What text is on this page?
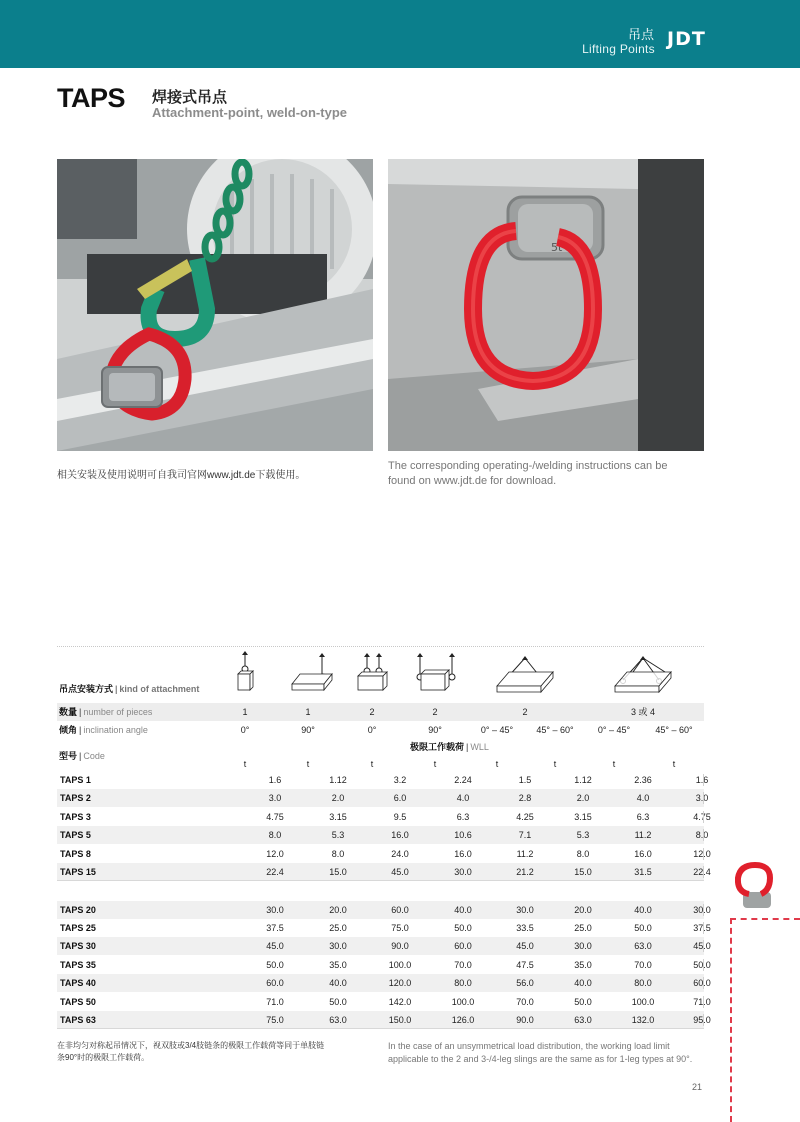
吊点
Lifting Points JDT
TAPS 焊接式吊点
Attachment-point, weld-on-type
5t
相关安装及使用说明可自我司官网www.jdt.de下载使用。
The corresponding operating-/welding instructions can be found on www.jdt.de for download.
吊点安装方式 | kind of attachment
数量 | number of pieces	1	1	2	2	2	3 或 4
倾角 | inclination angle	0°	90°	0°	90°	0° – 45°	45° – 60°	0° – 45°	45° – 60°
极限工作载荷 | WLL
型号 | Code
t	t	t	t	t	t	t	t
TAPS 1	1.6	1.12	3.2	2.24	1.5	1.12	2.36	1.6
TAPS 2	3.0	2.0	6.0	4.0	2.8	2.0	4.0	3.0
TAPS 3	4.75	3.15	9.5	6.3	4.25	3.15	6.3	4.75
TAPS 5	8.0	5.3	16.0	10.6	7.1	5.3	11.2	8.0
TAPS 8	12.0	8.0	24.0	16.0	11.2	8.0	16.0	12.0
TAPS 15	22.4	15.0	45.0	30.0	21.2	15.0	31.5	22.4
TAPS 20	30.0	20.0	60.0	40.0	30.0	20.0	40.0	30.0
TAPS 25	37.5	25.0	75.0	50.0	33.5	25.0	50.0	37.5
TAPS 30	45.0	30.0	90.0	60.0	45.0	30.0	63.0	45.0
TAPS 35	50.0	35.0	100.0	70.0	47.5	35.0	70.0	50.0
TAPS 40	60.0	40.0	120.0	80.0	56.0	40.0	80.0	60.0
TAPS 50	71.0	50.0	142.0	100.0	70.0	50.0	100.0	71.0
TAPS 63	75.0	63.0	150.0	126.0	90.0	63.0	132.0	95.0
在非均匀对称起吊情况下，视双肢或3/4肢链条的极限工作载荷等同于单肢链条90°时的极限工作载荷。
In the case of an unsymmetrical load distribution, the working load limit applicable to the 2 and 3-/4-leg slings are the same as for 1-leg types at 90°.
21
